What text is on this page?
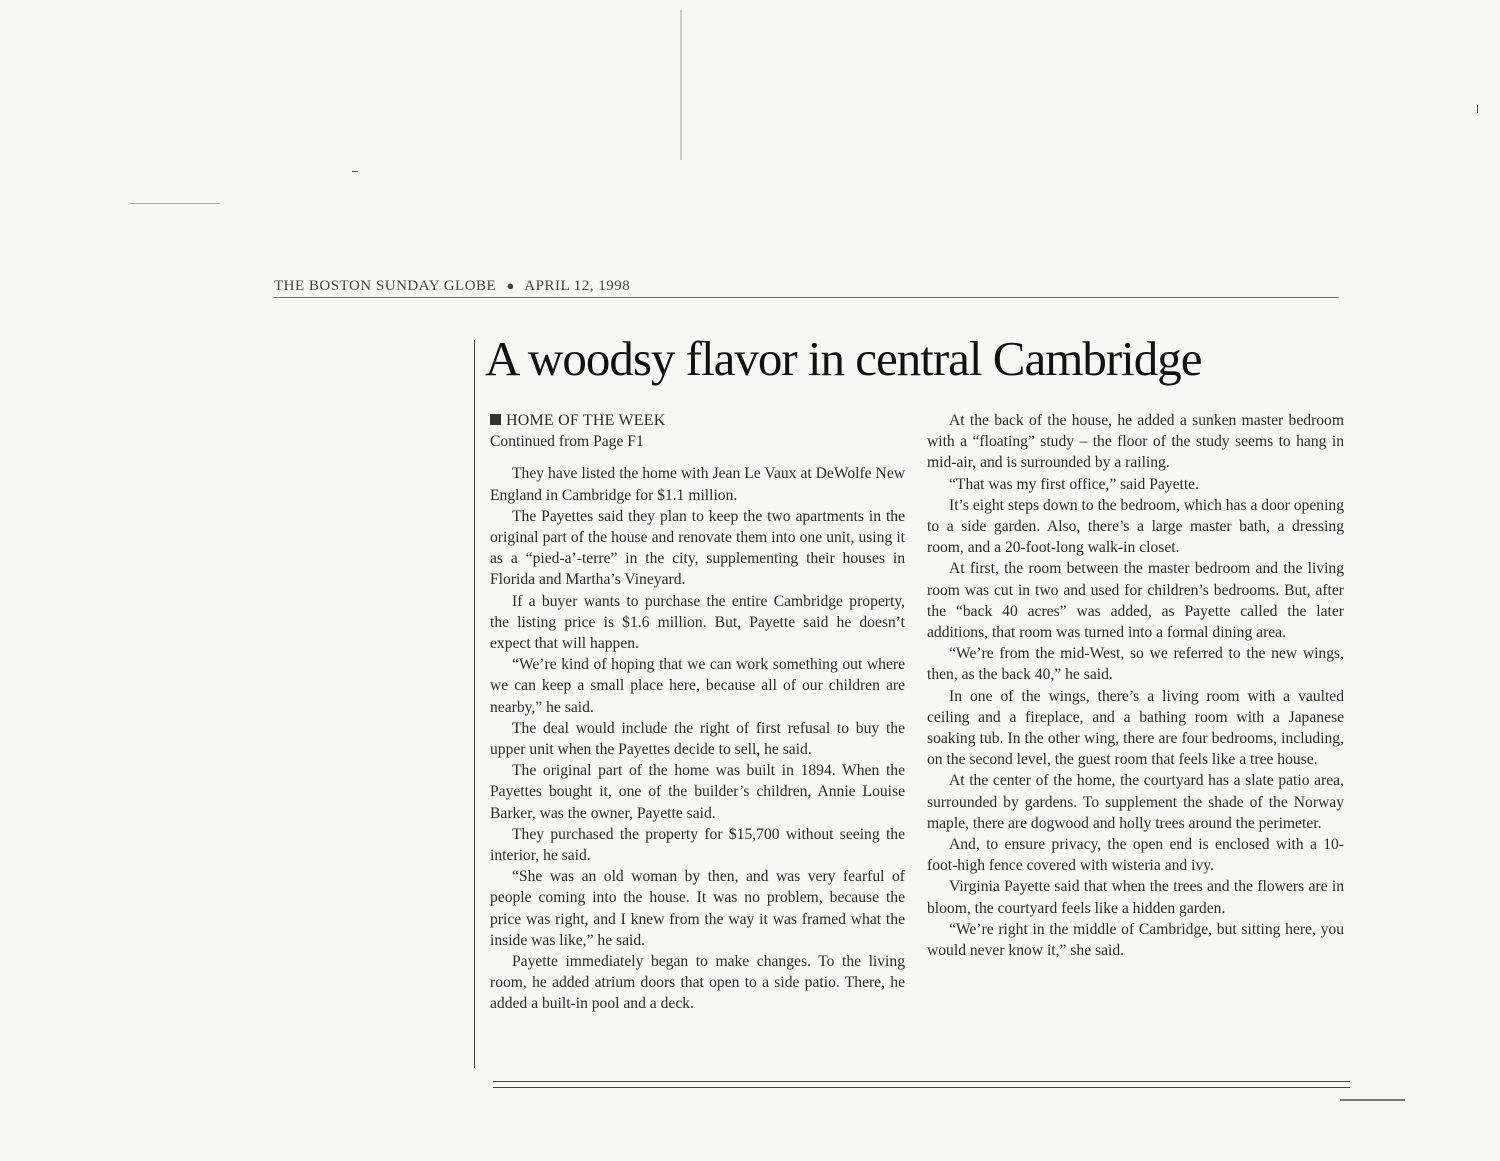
THE BOSTON SUNDAY GLOBE ● APRIL 12, 1998
A woodsy flavor in central Cambridge
HOME OF THE WEEK
Continued from Page F1

They have listed the home with Jean Le Vaux at DeWolfe New England in Cambridge for $1.1 million.

The Payettes said they plan to keep the two apartments in the original part of the house and renovate them into one unit, using it as a “pied-a’-terre” in the city, supplementing their houses in Florida and Martha’s Vineyard.

If a buyer wants to purchase the entire Cambridge property, the listing price is $1.6 million. But, Payette said he doesn’t expect that will happen.

“We’re kind of hoping that we can work something out where we can keep a small place here, because all of our children are nearby,” he said.

The deal would include the right of first refusal to buy the upper unit when the Payettes decide to sell, he said.

The original part of the home was built in 1894. When the Payettes bought it, one of the builder’s children, Annie Louise Barker, was the owner, Payette said.

They purchased the property for $15,700 without seeing the interior, he said.

“She was an old woman by then, and was very fearful of people coming into the house. It was no problem, because the price was right, and I knew from the way it was framed what the inside was like,” he said.

Payette immediately began to make changes. To the living room, he added atrium doors that open to a side patio. There, he added a built-in pool and a deck.

At the back of the house, he added a sunken master bedroom with a “floating” study – the floor of the study seems to hang in mid-air, and is surrounded by a railing.

“That was my first office,” said Payette.

It’s eight steps down to the bedroom, which has a door opening to a side garden. Also, there’s a large master bath, a dressing room, and a 20-foot-long walk-in closet.

At first, the room between the master bedroom and the living room was cut in two and used for children’s bedrooms. But, after the “back 40 acres” was added, as Payette called the later additions, that room was turned into a formal dining area.

“We’re from the mid-West, so we referred to the new wings, then, as the back 40,” he said.

In one of the wings, there’s a living room with a vaulted ceiling and a fireplace, and a bathing room with a Japanese soaking tub. In the other wing, there are four bedrooms, including, on the second level, the guest room that feels like a tree house.

At the center of the home, the courtyard has a slate patio area, surrounded by gardens. To supplement the shade of the Norway maple, there are dogwood and holly trees around the perimeter.

And, to ensure privacy, the open end is enclosed with a 10-foot-high fence covered with wisteria and ivy.

Virginia Payette said that when the trees and the flowers are in bloom, the courtyard feels like a hidden garden.

“We’re right in the middle of Cambridge, but sitting here, you would never know it,” she said.
